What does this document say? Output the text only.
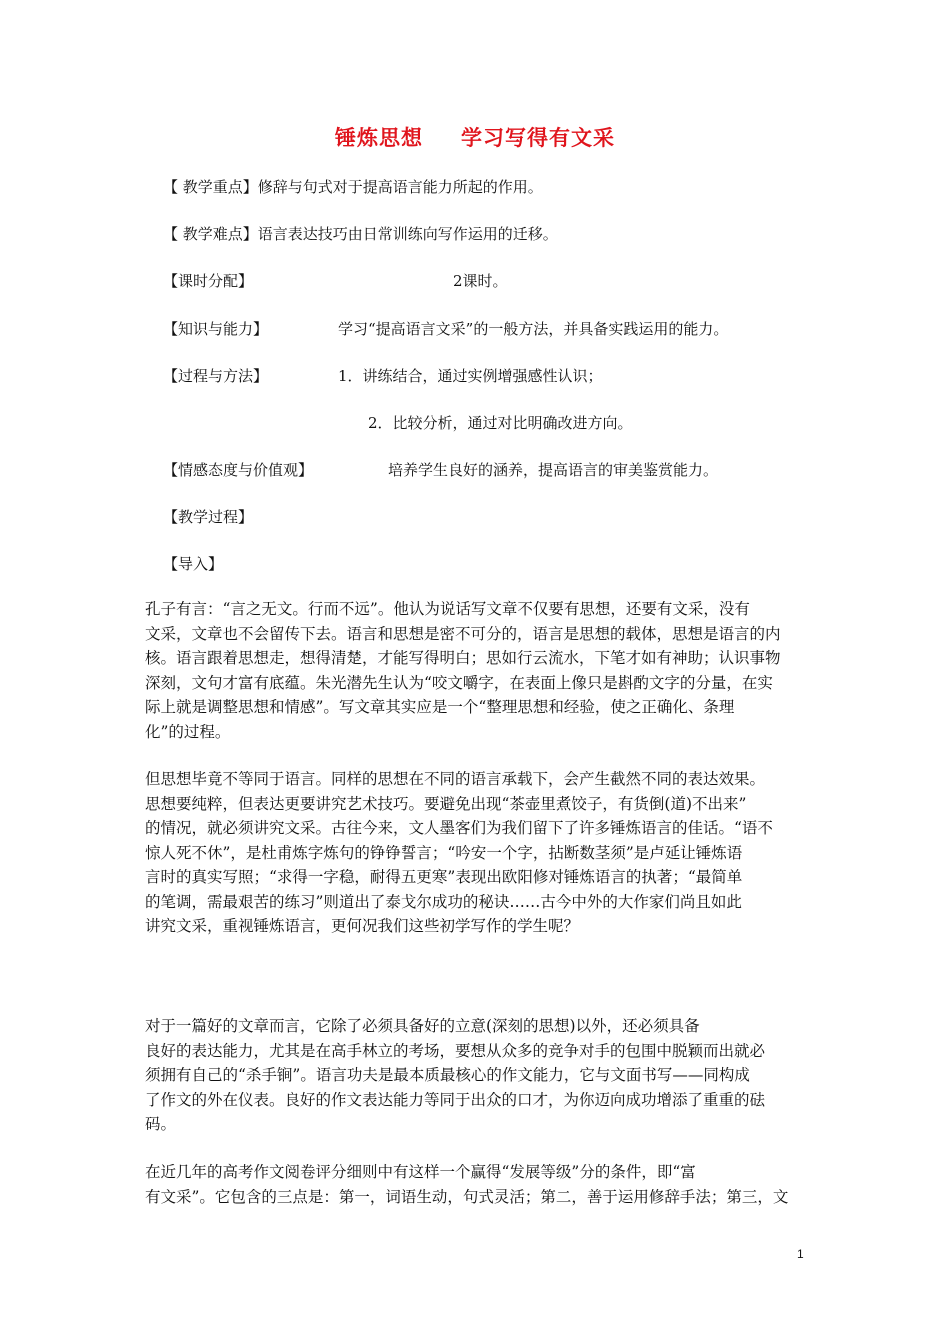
锤炼思想 学习写得有文采
【 教学重点】修辞与句式对于提高语言能力所起的作用。
【 教学难点】语言表达技巧由日常训练向写作运用的迁移。
【课时分配】	2课时。
【知识与能力】	学习“提高语言文采”的一般方法，并具备实践运用的能力。
【过程与方法】	1．讲练结合，通过实例增强感性认识；
2．比较分析，通过对比明确改进方向。
【情感态度与价值观】	培养学生良好的涵养，提高语言的审美鉴赏能力。
【教学过程】
【导入】
孔子有言：“言之无文。行而不远”。他认为说话写文章不仅要有思想，还要有文采，没有
文采，文章也不会留传下去。语言和思想是密不可分的，语言是思想的载体，思想是语言的内
核。语言跟着思想走，想得清楚，才能写得明白；思如行云流水，下笔才如有神助；认识事物
深刻，文句才富有底蕴。朱光潜先生认为“咬文嚼字，在表面上像只是斟酌文字的分量，在实
际上就是调整思想和情感”。写文章其实应是一个“整理思想和经验，使之正确化、条理
化”的过程。
但思想毕竟不等同于语言。同样的思想在不同的语言承载下，会产生截然不同的表达效果。
思想要纯粹，但表达更要讲究艺术技巧。要避免出现“茶壶里煮饺子，有货倒(道)不出来”
的情况，就必须讲究文采。古往今来，文人墨客们为我们留下了许多锤炼语言的佳话。“语不
惊人死不休”，是杜甫炼字炼句的铮铮誓言；“吟安一个字，拈断数茎须”是卢延让锤炼语
言时的真实写照；“求得一字稳，耐得五更寒”表现出欧阳修对锤炼语言的执著；“最简单
的笔调，需最艰苦的练习”则道出了泰戈尔成功的秘诀……古今中外的大作家们尚且如此
讲究文采，重视锤炼语言，更何况我们这些初学写作的学生呢？
对于一篇好的文章而言，它除了必须具备好的立意(深刻的思想)以外，还必须具备
良好的表达能力，尤其是在高手林立的考场，要想从众多的竞争对手的包围中脱颖而出就必
须拥有自己的“杀手锏”。语言功夫是最本质最核心的作文能力，它与文面书写——同构成
了作文的外在仪表。良好的作文表达能力等同于出众的口才，为你迈向成功增添了重重的砝
码。
在近几年的高考作文阅卷评分细则中有这样一个赢得“发展等级”分的条件，即“富
有文采”。它包含的三点是：第一，词语生动，句式灵活；第二，善于运用修辞手法；第三，文
1
